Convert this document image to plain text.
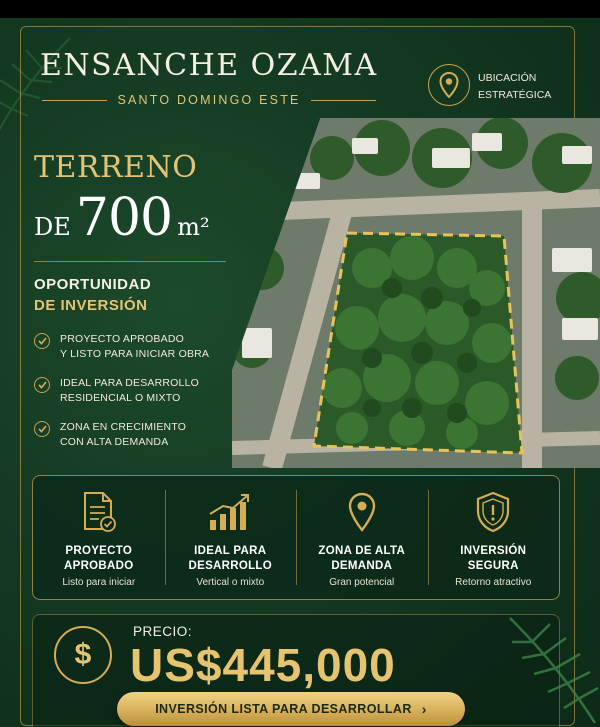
ENSANCHE OZAMA
SANTO DOMINGO ESTE
UBICACIÓN
ESTRATÉGICA
TERRENO
DE 700 m²
OPORTUNIDAD
DE INVERSIÓN
PROYECTO APROBADO
Y LISTO PARA INICIAR OBRA
IDEAL PARA DESARROLLO
RESIDENCIAL O MIXTO
ZONA EN CRECIMIENTO
CON ALTA DEMANDA
PROYECTO
APROBADO
Listo para iniciar
IDEAL PARA
DESARROLLO
Vertical o mixto
ZONA DE ALTA
DEMANDA
Gran potencial
INVERSIÓN
SEGURA
Retorno atractivo
$
PRECIO:
US$445,000
INVERSIÓN LISTA PARA DESARROLLAR ›
